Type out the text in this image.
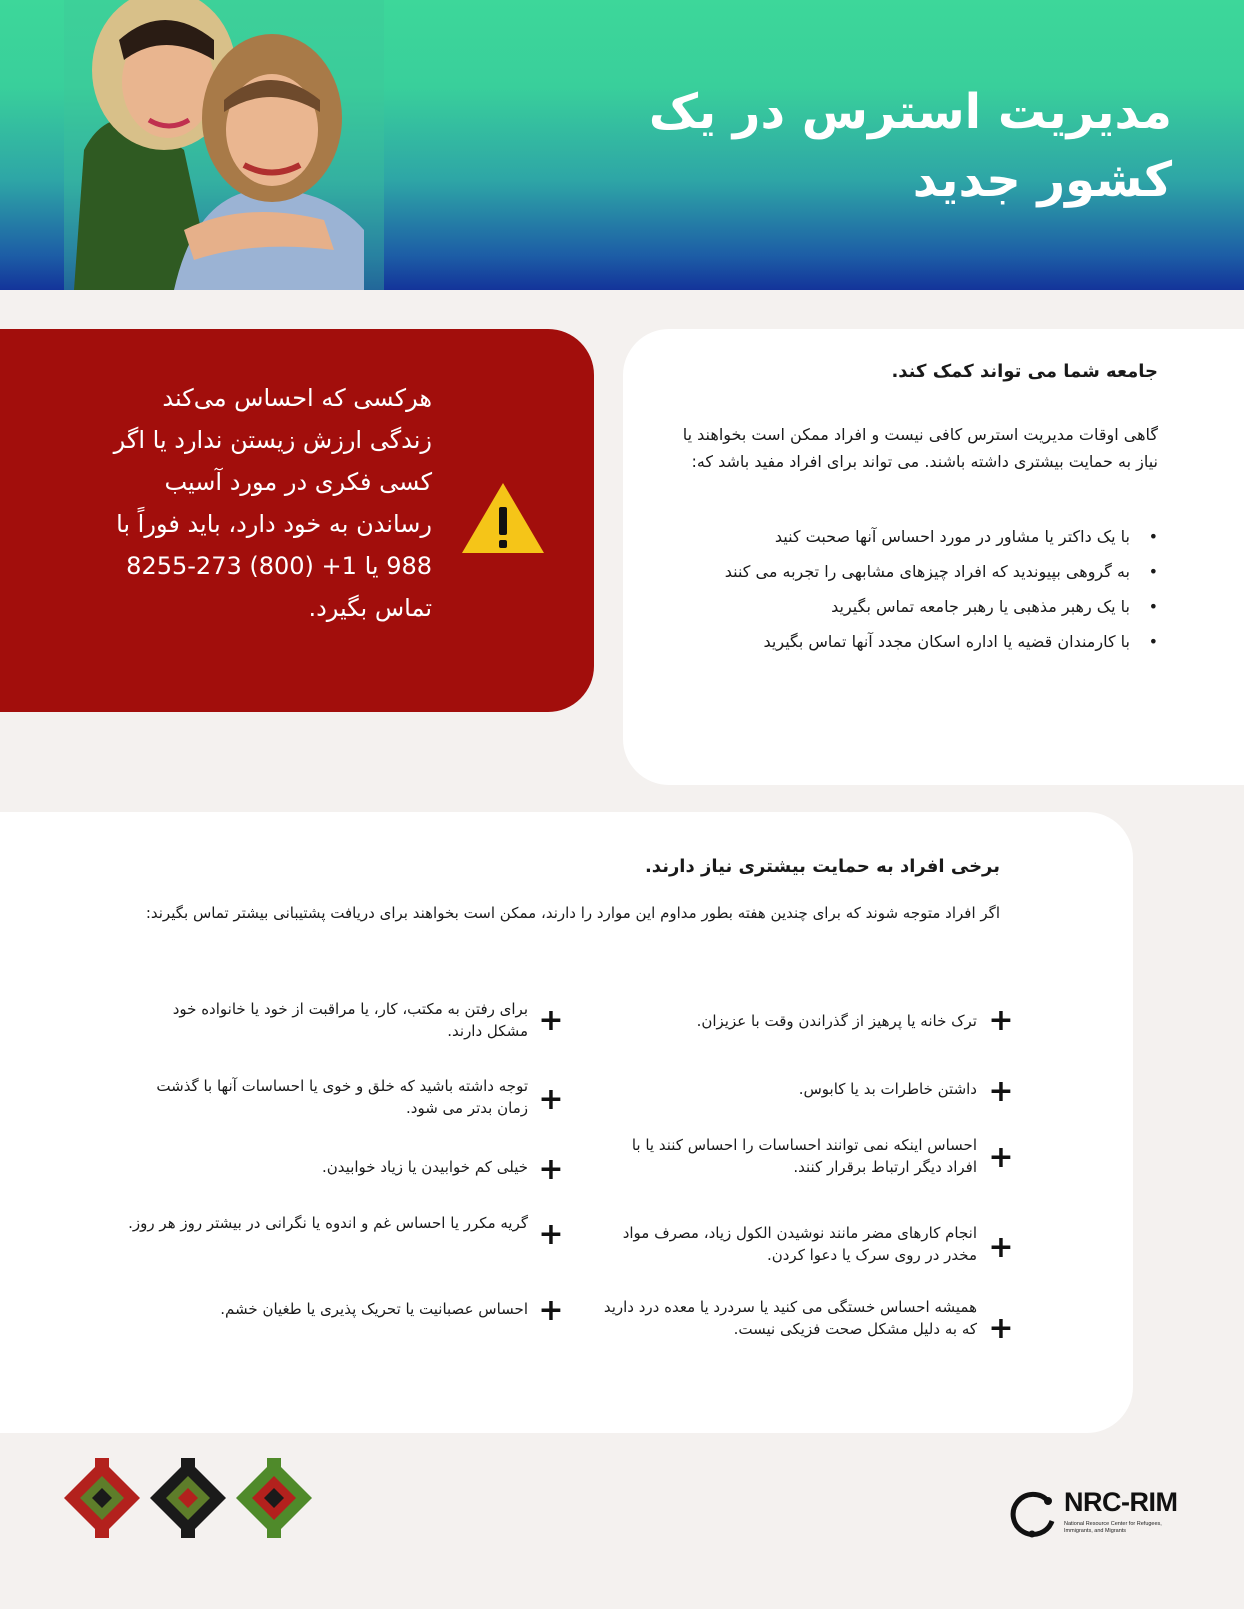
مدیریت استرس در یک
کشور جدید

هرکسی که احساس می‌کند زندگی ارزش زیستن ندارد یا اگر کسی فکری در مورد آسیب رساندن به خود دارد، باید فوراً با 988 یا 1+ (800) 273-8255 تماس بگیرد.

جامعه شما می تواند کمک کند.

گاهی اوقات مدیریت استرس کافی نیست و افراد ممکن است بخواهند یا نیاز به حمایت بیشتری داشته باشند. می تواند برای افراد مفید باشد که:

• با یک داکتر یا مشاور در مورد احساس آنها صحبت کنید
• به گروهی بپیوندید که افراد چیزهای مشابهی را تجربه می کنند
• با یک رهبر مذهبی یا رهبر جامعه تماس بگیرید
• با کارمندان قضیه یا اداره اسکان مجدد آنها تماس بگیرید
برخی افراد به حمایت بیشتری نیاز دارند.

اگر افراد متوجه شوند که برای چندین هفته بطور مداوم این موارد را دارند، ممکن است بخواهند برای دریافت پشتیبانی بیشتر تماس بگیرند:

+

ترک خانه یا پرهیز از گذراندن وقت با عزیزان.

+

داشتن خاطرات بد یا کابوس.

+

احساس اینکه نمی توانند احساسات را احساس کنند یا با افراد دیگر ارتباط برقرار کنند.

+

انجام کارهای مضر مانند نوشیدن الکول زیاد، مصرف مواد مخدر در روی سرک یا دعوا کردن.

+

همیشه احساس خستگی می کنید یا سردرد یا معده درد دارید که به دلیل مشکل صحت فزیکی نیست.

+

برای رفتن به مکتب، کار، یا مراقبت از خود یا خانواده خود مشکل دارند.

+

توجه داشته باشید که خلق و خوی یا احساسات آنها با گذشت زمان بدتر می شود.

+

خیلی کم خوابیدن یا زیاد خوابیدن.

+

گریه مکرر یا احساس غم و اندوه یا نگرانی در بیشتر روز هر روز.

+

احساس عصبانیت یا تحریک پذیری یا طغیان خشم.

NRC-RIM
National Resource Center for Refugees, Immigrants, and Migrants
